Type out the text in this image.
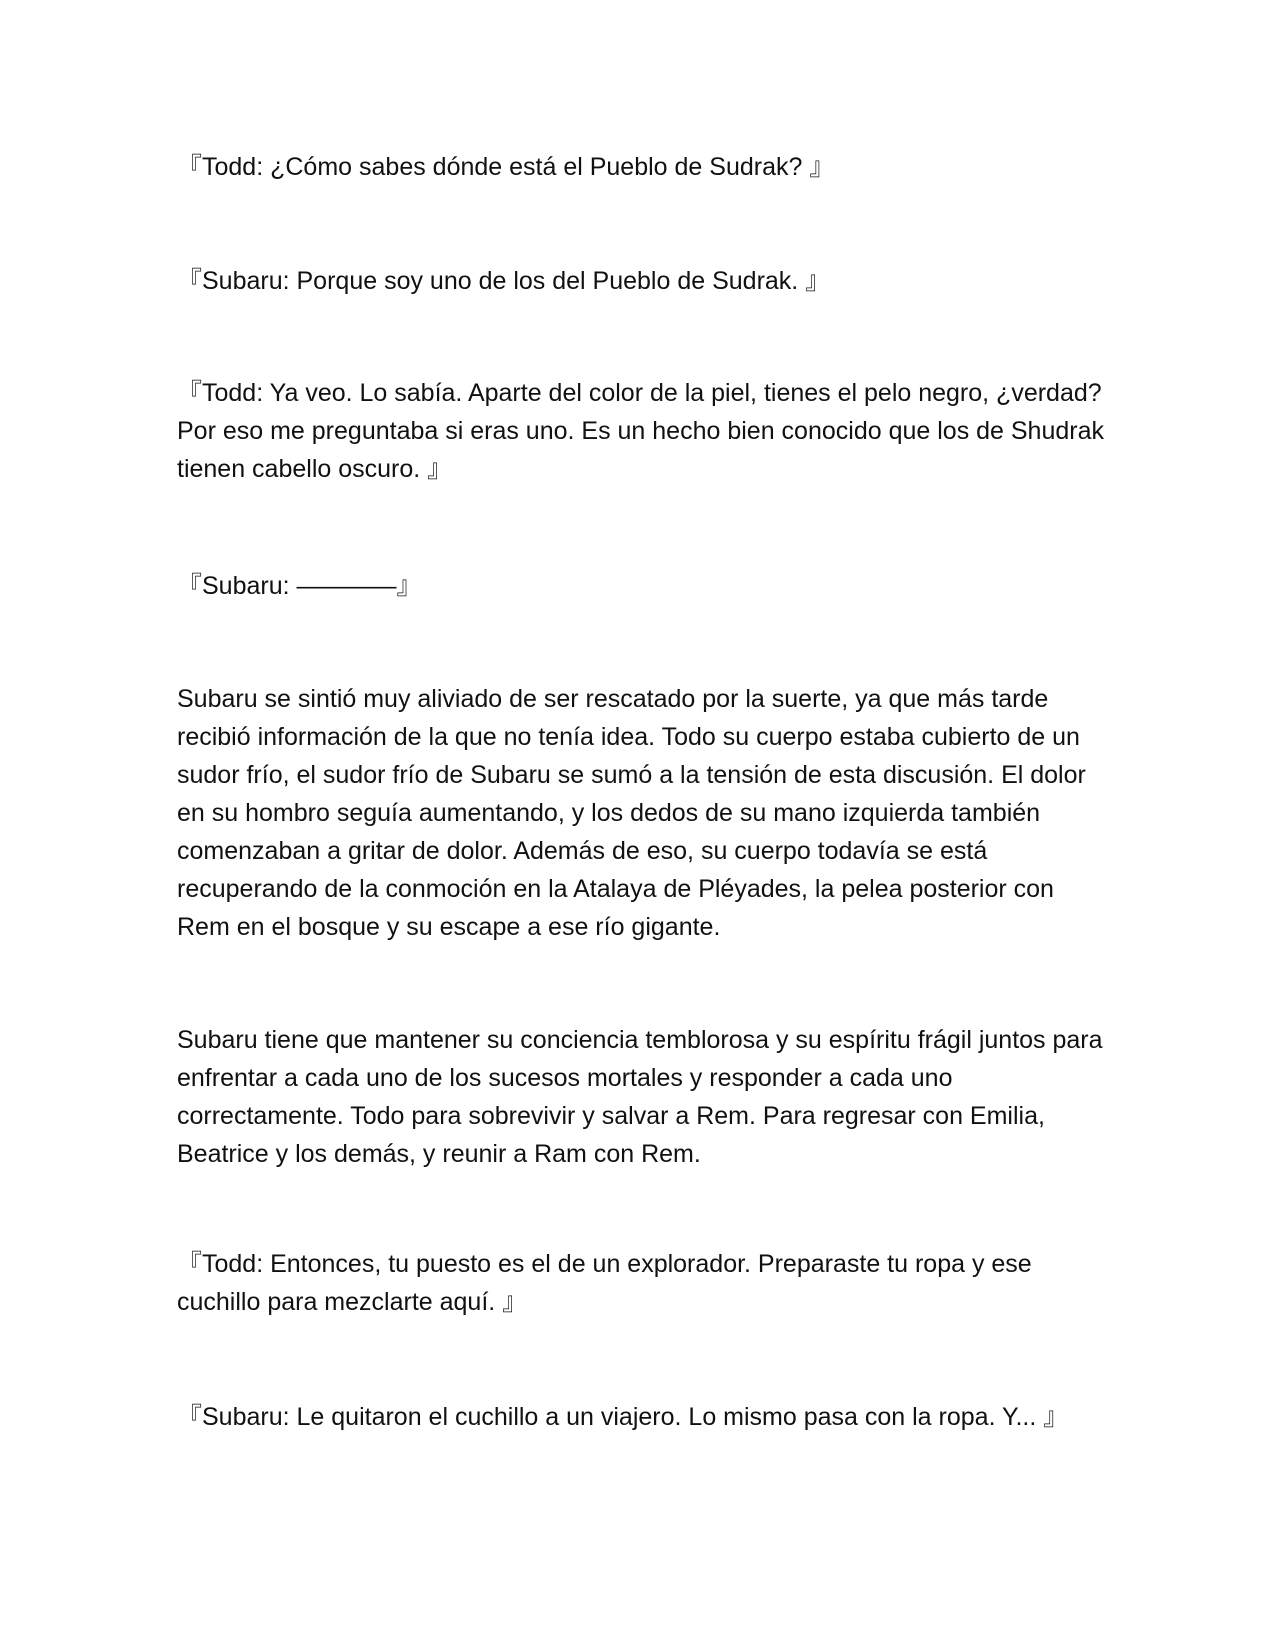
『Todd: ¿Cómo sabes dónde está el Pueblo de Sudrak? 』

『Subaru: Porque soy uno de los del Pueblo de Sudrak. 』

『Todd: Ya veo. Lo sabía. Aparte del color de la piel, tienes el pelo negro, ¿verdad? Por eso me preguntaba si eras uno. Es un hecho bien conocido que los de Shudrak tienen cabello oscuro. 』

『Subaru: ————』

Subaru se sintió muy aliviado de ser rescatado por la suerte, ya que más tarde recibió información de la que no tenía idea. Todo su cuerpo estaba cubierto de un sudor frío, el sudor frío de Subaru se sumó a la tensión de esta discusión. El dolor en su hombro seguía aumentando, y los dedos de su mano izquierda también comenzaban a gritar de dolor. Además de eso, su cuerpo todavía se está recuperando de la conmoción en la Atalaya de Pléyades, la pelea posterior con Rem en el bosque y su escape a ese río gigante.

Subaru tiene que mantener su conciencia temblorosa y su espíritu frágil juntos para enfrentar a cada uno de los sucesos mortales y responder a cada uno correctamente. Todo para sobrevivir y salvar a Rem. Para regresar con Emilia, Beatrice y los demás, y reunir a Ram con Rem.

『Todd: Entonces, tu puesto es el de un explorador. Preparaste tu ropa y ese cuchillo para mezclarte aquí. 』

『Subaru: Le quitaron el cuchillo a un viajero. Lo mismo pasa con la ropa. Y... 』
